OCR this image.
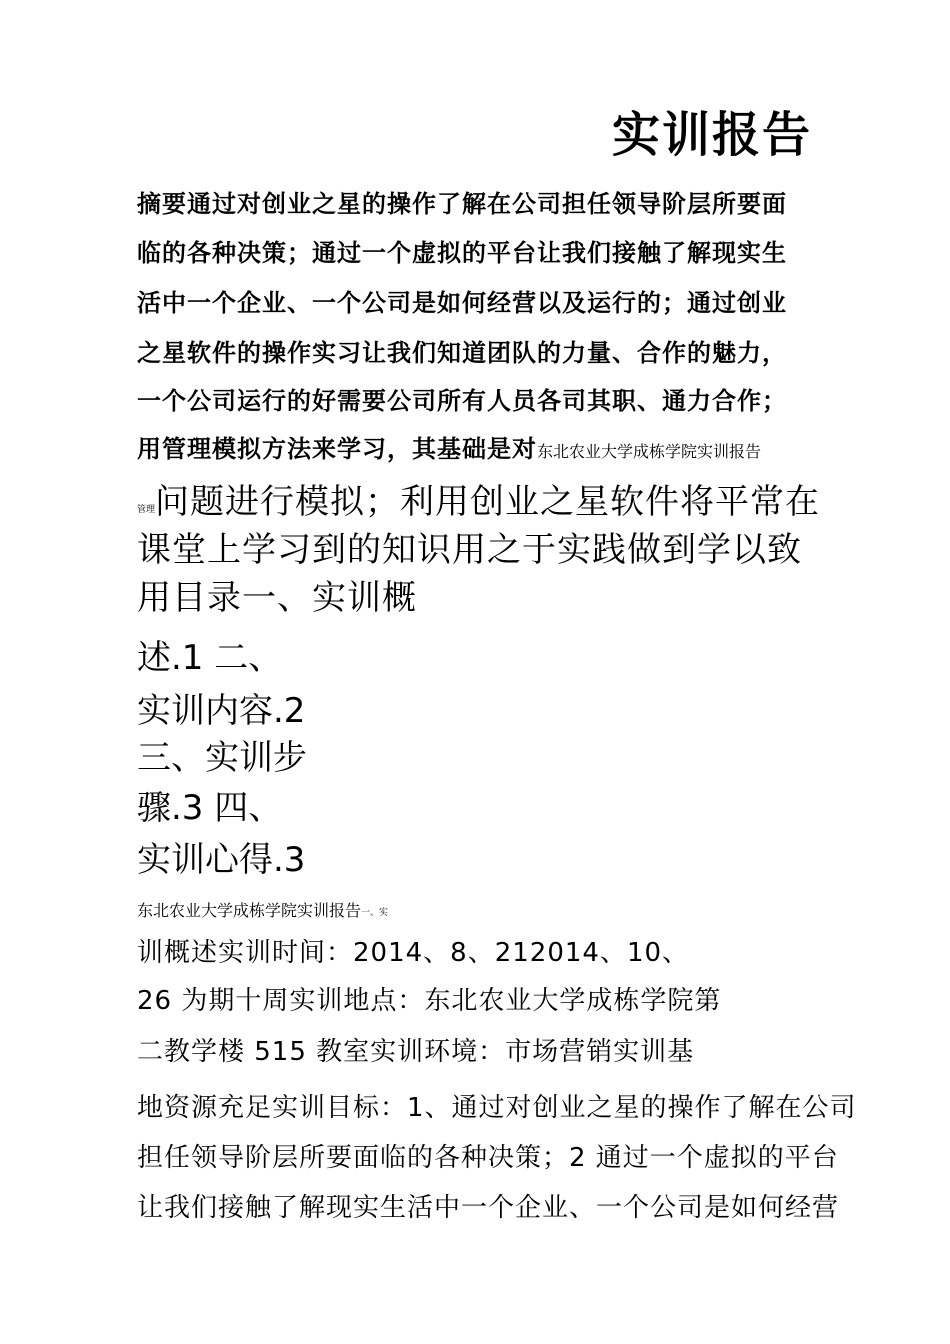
实训报告
摘要通过对创业之星的操作了解在公司担任领导阶层所要面
临的各种决策；通过一个虚拟的平台让我们接触了解现实生
活中一个企业、一个公司是如何经营以及运行的；通过创业
之星软件的操作实习让我们知道团队的力量、合作的魅力，
一个公司运行的好需要公司所有人员各司其职、通力合作；
用管理模拟方法来学习，其基础是对东北农业大学成栋学院实训报告
管理问题进行模拟；利用创业之星软件将平常在
课堂上学习到的知识用之于实践做到学以致
用目录一、实训概
述.1 二、
实训内容.2
三、实训步
骤.3 四、
实训心得.3
东北农业大学成栋学院实训报告一、实
训概述实训时间：2014、8、212014、10、
26 为期十周实训地点：东北农业大学成栋学院第
二教学楼 515 教室实训环境：市场营销实训基
地资源充足实训目标：1、通过对创业之星的操作了解在公司
担任领导阶层所要面临的各种决策；2 通过一个虚拟的平台
让我们接触了解现实生活中一个企业、一个公司是如何经营
